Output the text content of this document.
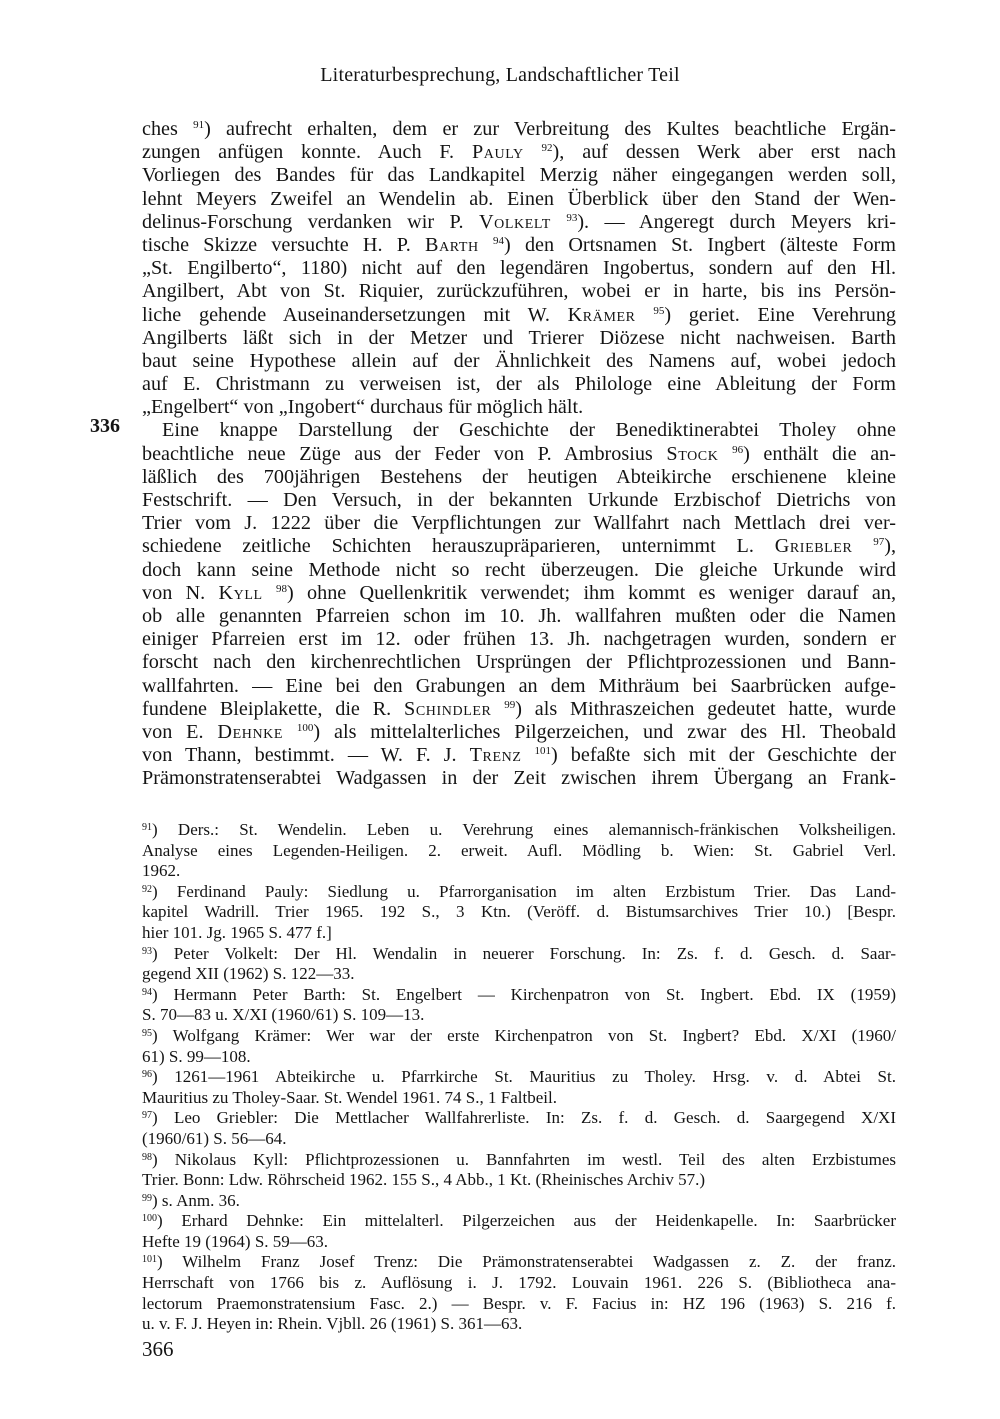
Literaturbesprechung, Landschaftlicher Teil
336
ches $^{91}$) aufrecht erhalten, dem er zur Verbreitung des Kultes beachtliche Ergän-
zungen anfügen konnte. Auch F. Pauly $^{92}$), auf dessen Werk aber erst nach
Vorliegen des Bandes für das Landkapitel Merzig näher eingegangen werden soll,
lehnt Meyers Zweifel an Wendelin ab. Einen Überblick über den Stand der Wen-
delinus-Forschung verdanken wir P. Volkelt $^{93}$). — Angeregt durch Meyers kri-
tische Skizze versuchte H. P. Barth $^{94}$) den Ortsnamen St. Ingbert (älteste Form
„St. Engilberto“, 1180) nicht auf den legendären Ingobertus, sondern auf den Hl.
Angilbert, Abt von St. Riquier, zurückzuführen, wobei er in harte, bis ins Persön-
liche gehende Auseinandersetzungen mit W. Krämer $^{95}$) geriet. Eine Verehrung
Angilberts läßt sich in der Metzer und Trierer Diözese nicht nachweisen. Barth
baut seine Hypothese allein auf der Ähnlichkeit des Namens auf, wobei jedoch
auf E. Christmann zu verweisen ist, der als Philologe eine Ableitung der Form
„Engelbert“ von „Ingobert“ durchaus für möglich hält.
Eine knappe Darstellung der Geschichte der Benediktinerabtei Tholey ohne
beachtliche neue Züge aus der Feder von P. Ambrosius Stock $^{96}$) enthält die an-
läßlich des 700jährigen Bestehens der heutigen Abteikirche erschienene kleine
Festschrift. — Den Versuch, in der bekannten Urkunde Erzbischof Dietrichs von
Trier vom J. 1222 über die Verpflichtungen zur Wallfahrt nach Mettlach drei ver-
schiedene zeitliche Schichten herauszupräparieren, unternimmt L. Griebler $^{97}$),
doch kann seine Methode nicht so recht überzeugen. Die gleiche Urkunde wird
von N. Kyll $^{98}$) ohne Quellenkritik verwendet; ihm kommt es weniger darauf an,
ob alle genannten Pfarreien schon im 10. Jh. wallfahren mußten oder die Namen
einiger Pfarreien erst im 12. oder frühen 13. Jh. nachgetragen wurden, sondern er
forscht nach den kirchenrechtlichen Ursprüngen der Pflichtprozessionen und Bann-
wallfahrten. — Eine bei den Grabungen an dem Mithräum bei Saarbrücken aufge-
fundene Bleiplakette, die R. Schindler $^{99}$) als Mithraszeichen gedeutet hatte, wurde
von E. Dehnke $^{100}$) als mittelalterliches Pilgerzeichen, und zwar des Hl. Theobald
von Thann, bestimmt. — W. F. J. Trenz $^{101}$) befaßte sich mit der Geschichte der
Prämonstratenserabtei Wadgassen in der Zeit zwischen ihrem Übergang an Frank-
$^{91}$) Ders.: St. Wendelin. Leben u. Verehrung eines alemannisch-fränkischen Volksheiligen.
Analyse eines Legenden-Heiligen. 2. erweit. Aufl. Mödling b. Wien: St. Gabriel Verl.
1962.
$^{92}$) Ferdinand Pauly: Siedlung u. Pfarrorganisation im alten Erzbistum Trier. Das Land-
kapitel Wadrill. Trier 1965. 192 S., 3 Ktn. (Veröff. d. Bistumsarchives Trier 10.) [Bespr.
hier 101. Jg. 1965 S. 477 f.]
$^{93}$) Peter Volkelt: Der Hl. Wendalin in neuerer Forschung. In: Zs. f. d. Gesch. d. Saar-
gegend XII (1962) S. 122—33.
$^{94}$) Hermann Peter Barth: St. Engelbert — Kirchenpatron von St. Ingbert. Ebd. IX (1959)
S. 70—83 u. X/XI (1960/61) S. 109—13.
$^{95}$) Wolfgang Krämer: Wer war der erste Kirchenpatron von St. Ingbert? Ebd. X/XI (1960/
61) S. 99—108.
$^{96}$) 1261—1961 Abteikirche u. Pfarrkirche St. Mauritius zu Tholey. Hrsg. v. d. Abtei St.
Mauritius zu Tholey-Saar. St. Wendel 1961. 74 S., 1 Faltbeil.
$^{97}$) Leo Griebler: Die Mettlacher Wallfahrerliste. In: Zs. f. d. Gesch. d. Saargegend X/XI
(1960/61) S. 56—64.
$^{98}$) Nikolaus Kyll: Pflichtprozessionen u. Bannfahrten im westl. Teil des alten Erzbistumes
Trier. Bonn: Ldw. Röhrscheid 1962. 155 S., 4 Abb., 1 Kt. (Rheinisches Archiv 57.)
$^{99}$) s. Anm. 36.
$^{100}$) Erhard Dehnke: Ein mittelalterl. Pilgerzeichen aus der Heidenkapelle. In: Saarbrücker
Hefte 19 (1964) S. 59—63.
$^{101}$) Wilhelm Franz Josef Trenz: Die Prämonstratenserabtei Wadgassen z. Z. der franz.
Herrschaft von 1766 bis z. Auflösung i. J. 1792. Louvain 1961. 226 S. (Bibliotheca ana-
lectorum Praemonstratensium Fasc. 2.) — Bespr. v. F. Facius in: HZ 196 (1963) S. 216 f.
u. v. F. J. Heyen in: Rhein. Vjbll. 26 (1961) S. 361—63.
366
